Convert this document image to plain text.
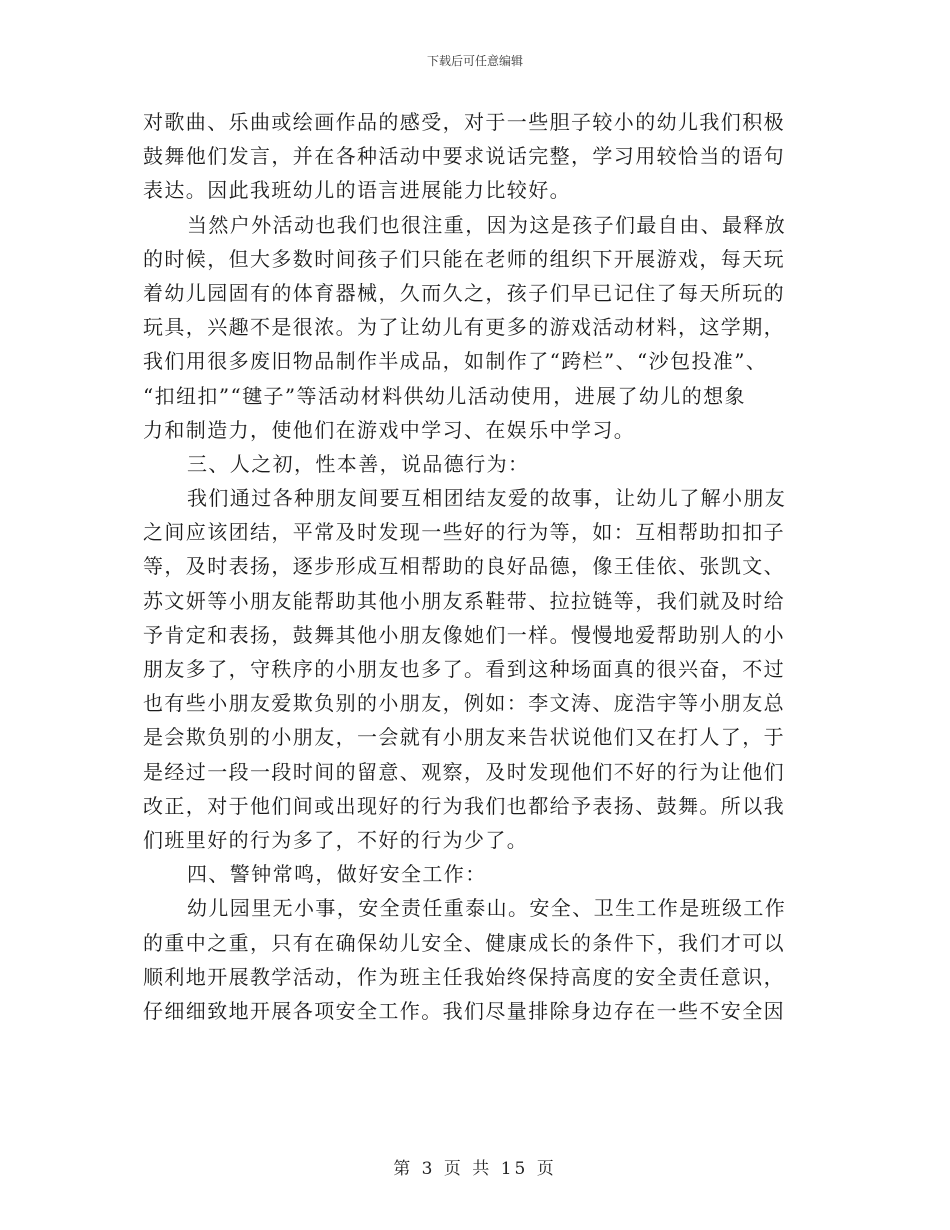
下载后可任意编辑
对歌曲、乐曲或绘画作品的感受，对于一些胆子较小的幼儿我们积极
鼓舞他们发言，并在各种活动中要求说话完整，学习用较恰当的语句
表达。因此我班幼儿的语言进展能力比较好。
当然户外活动也我们也很注重，因为这是孩子们最自由、最释放
的时候，但大多数时间孩子们只能在老师的组织下开展游戏，每天玩
着幼儿园固有的体育器械，久而久之，孩子们早已记住了每天所玩的
玩具，兴趣不是很浓。为了让幼儿有更多的游戏活动材料，这学期，
我们用很多废旧物品制作半成品，如制作了“跨栏”、“沙包投准”、
“扣纽扣”“毽子”等活动材料供幼儿活动使用，进展了幼儿的想象
力和制造力，使他们在游戏中学习、在娱乐中学习。
三、人之初，性本善，说品德行为：
我们通过各种朋友间要互相团结友爱的故事，让幼儿了解小朋友
之间应该团结，平常及时发现一些好的行为等，如：互相帮助扣扣子
等，及时表扬，逐步形成互相帮助的良好品德，像王佳依、张凯文、
苏文妍等小朋友能帮助其他小朋友系鞋带、拉拉链等，我们就及时给
予肯定和表扬，鼓舞其他小朋友像她们一样。慢慢地爱帮助别人的小
朋友多了，守秩序的小朋友也多了。看到这种场面真的很兴奋，不过
也有些小朋友爱欺负别的小朋友，例如：李文涛、庞浩宇等小朋友总
是会欺负别的小朋友，一会就有小朋友来告状说他们又在打人了，于
是经过一段一段时间的留意、观察，及时发现他们不好的行为让他们
改正，对于他们间或出现好的行为我们也都给予表扬、鼓舞。所以我
们班里好的行为多了，不好的行为少了。
四、警钟常鸣，做好安全工作：
幼儿园里无小事，安全责任重泰山。安全、卫生工作是班级工作
的重中之重，只有在确保幼儿安全、健康成长的条件下，我们才可以
顺利地开展教学活动，作为班主任我始终保持高度的安全责任意识，
仔细细致地开展各项安全工作。我们尽量排除身边存在一些不安全因
第 3 页 共 15 页
